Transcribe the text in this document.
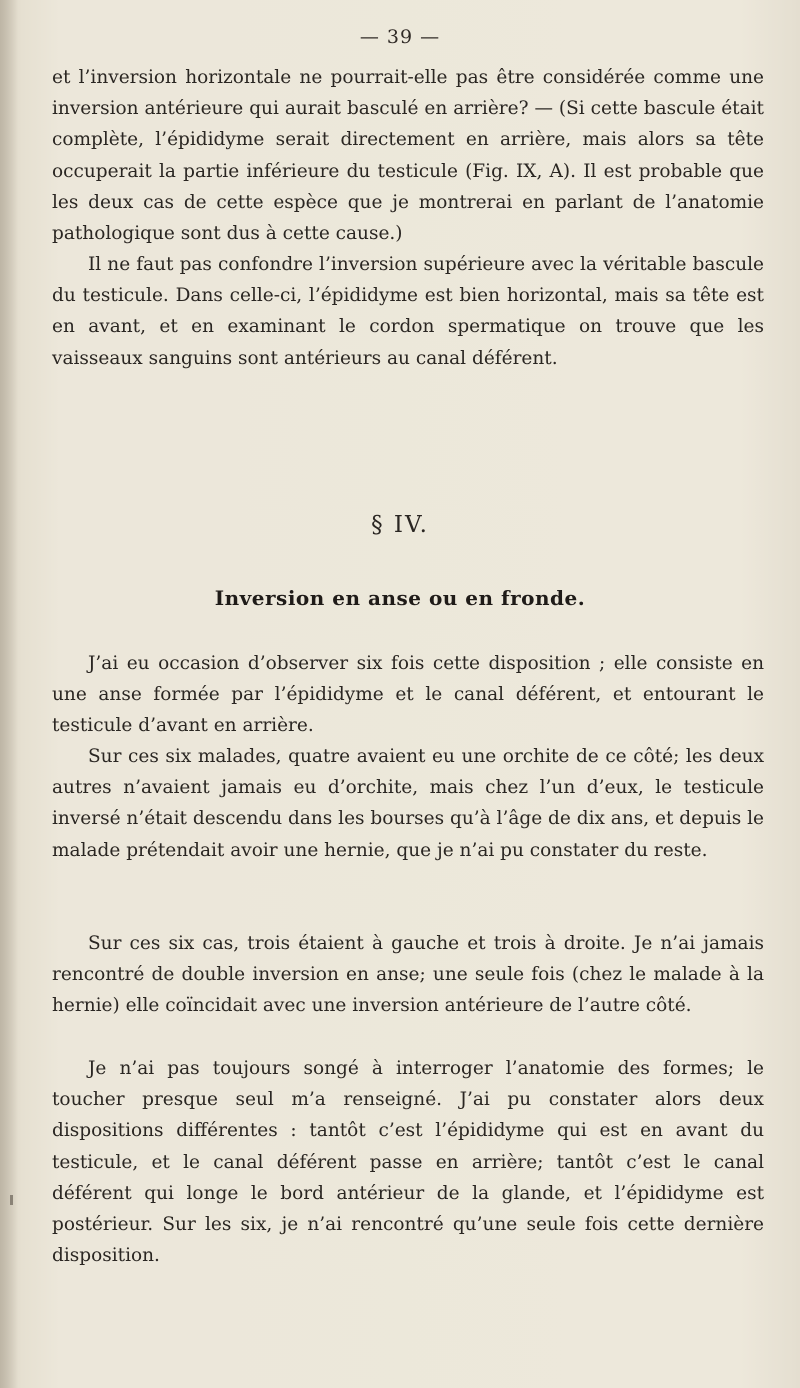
— 39 —

et l’inversion horizontale ne pourrait-elle pas être considérée comme une inversion antérieure qui aurait basculé en arrière? — (Si cette bascule était complète, l’épididyme serait directement en arrière, mais alors sa tête occuperait la partie inférieure du testicule (Fig. IX, A). Il est probable que les deux cas de cette espèce que je montrerai en parlant de l’anatomie pathologique sont dus à cette cause.)

Il ne faut pas confondre l’inversion supérieure avec la véritable bascule du testicule. Dans celle-ci, l’épididyme est bien horizontal, mais sa tête est en avant, et en examinant le cordon spermatique on trouve que les vaisseaux sanguins sont antérieurs au canal déférent.

§ IV.
Inversion en anse ou en fronde.

J’ai eu occasion d’observer six fois cette disposition ; elle consiste en une anse formée par l’épididyme et le canal déférent, et entourant le testicule d’avant en arrière.

Sur ces six malades, quatre avaient eu une orchite de ce côté; les deux autres n’avaient jamais eu d’orchite, mais chez l’un d’eux, le testicule inversé n’était descendu dans les bourses qu’à l’âge de dix ans, et depuis le malade prétendait avoir une hernie, que je n’ai pu constater du reste.

Sur ces six cas, trois étaient à gauche et trois à droite. Je n’ai jamais rencontré de double inversion en anse; une seule fois (chez le malade à la hernie) elle coïncidait avec une inversion antérieure de l’autre côté.

Je n’ai pas toujours songé à interroger l’anatomie des formes; le toucher presque seul m’a renseigné. J’ai pu constater alors deux dispositions différentes : tantôt c’est l’épididyme qui est en avant du testicule, et le canal déférent passe en arrière; tantôt c’est le canal déférent qui longe le bord antérieur de la glande, et l’épididyme est postérieur. Sur les six, je n’ai rencontré qu’une seule fois cette dernière disposition.
